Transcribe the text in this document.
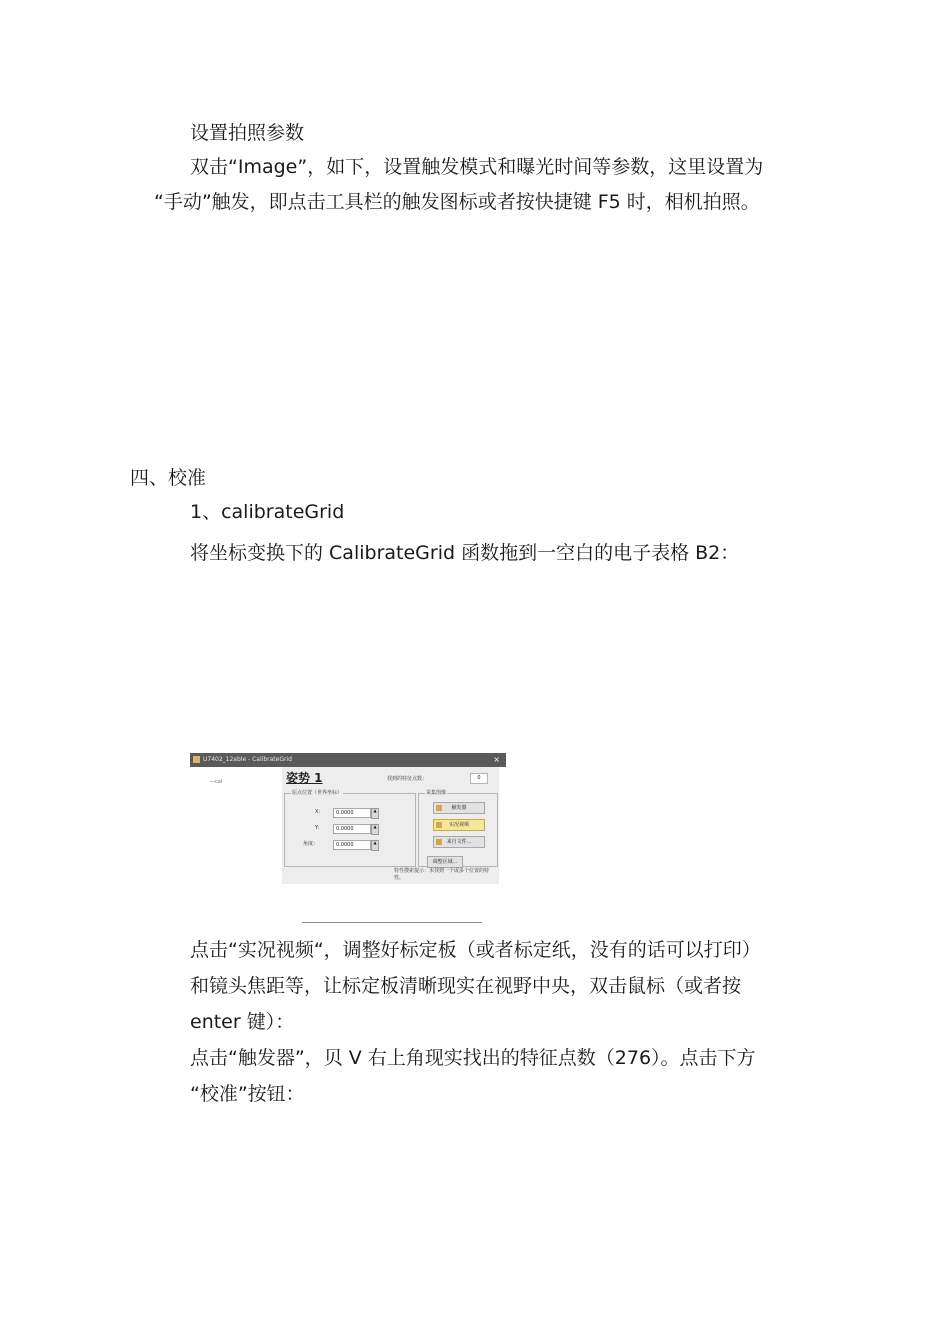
设置拍照参数

双击“Image”，如下，设置触发模式和曝光时间等参数，这里设置为

“手动”触发，即点击工具栏的触发图标或者按快捷键 F5 时，相机拍照。

四、校准

1、calibrateGrid

将坐标变换下的 CalibrateGrid 函数拖到一空白的电子表格 B2：

U7402_12able - CalibrateGrid	×
—cal	姿势 1	找到的特征点数：	0
原点位置（世界坐标）
X:	0.0000	▲
Y:	0.0000	▲
角度：	0.0000	▲
采集图像
触发器
实况视频
来自文件...
调整区域...
特性搜索提示：未找到一个或多个位置的特性。

点击“实况视频“，调整好标定板（或者标定纸，没有的话可以打印）

和镜头焦距等，让标定板清晰现实在视野中央，双击鼠标（或者按

enter 键）：

点击“触发器”，贝 V 右上角现实找出的特征点数（276）。点击下方

“校准”按钮：
